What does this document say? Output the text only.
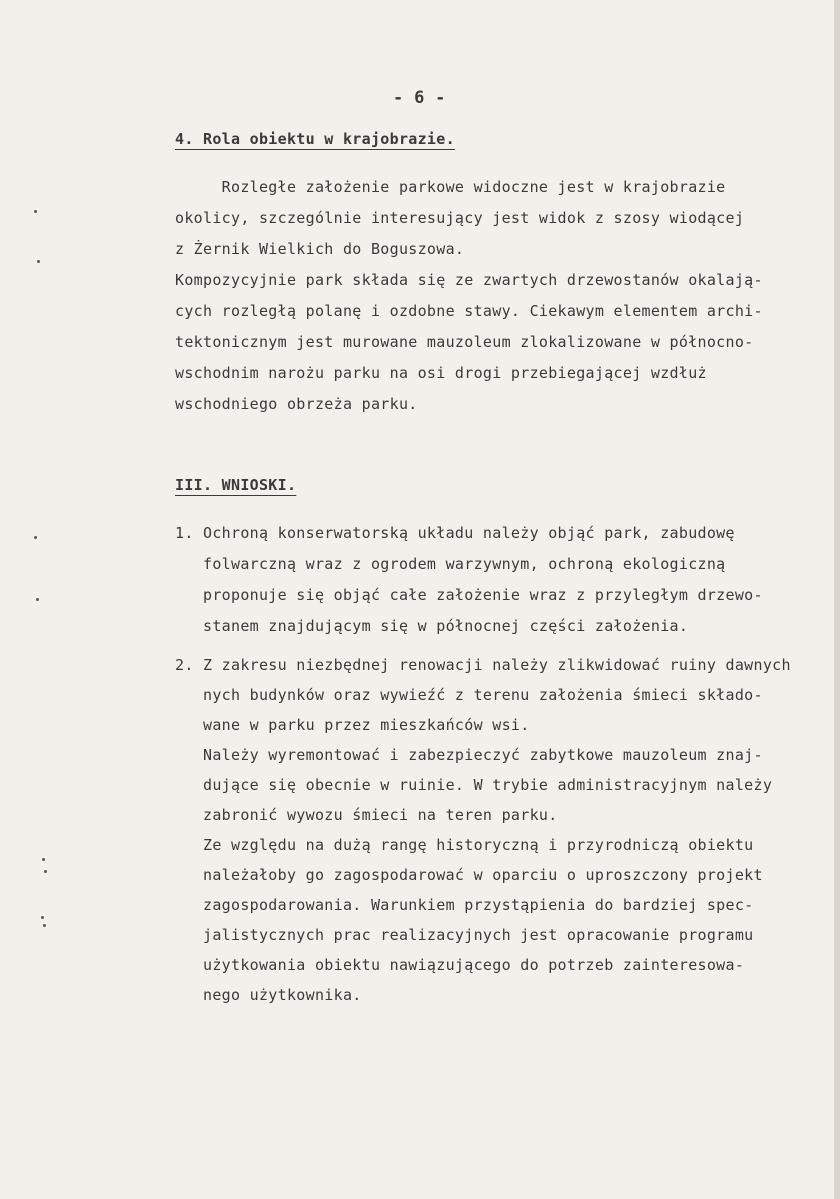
- 6 -
4. Rola obiektu w krajobrazie.
Rozległe założenie parkowe widoczne jest w krajobrazie
okolicy, szczególnie interesujący jest widok z szosy wiodącej
z Żernik Wielkich do Boguszowa.
Kompozycyjnie park składa się ze zwartych drzewostanów okalają-
cych rozległą polanę i ozdobne stawy. Ciekawym elementem archi-
tektonicznym jest murowane mauzoleum zlokalizowane w północno-
wschodnim narożu parku na osi drogi przebiegającej wzdłuż
wschodniego obrzeża parku.
III. WNIOSKI.
1. Ochroną konserwatorską układu należy objąć park, zabudowę
folwarczną wraz z ogrodem warzywnym, ochroną ekologiczną
proponuje się objąć całe założenie wraz z przyległym drzewo-
stanem znajdującym się w północnej części założenia.
2. Z zakresu niezbędnej renowacji należy zlikwidować ruiny dawnych
nych budynków oraz wywieźć z terenu założenia śmieci składo-
wane w parku przez mieszkańców wsi.
Należy wyremontować i zabezpieczyć zabytkowe mauzoleum znaj-
dujące się obecnie w ruinie. W trybie administracyjnym należy
zabronić wywozu śmieci na teren parku.
Ze względu na dużą rangę historyczną i przyrodniczą obiektu
należałoby go zagospodarować w oparciu o uproszczony projekt
zagospodarowania. Warunkiem przystąpienia do bardziej spec-
jalistycznych prac realizacyjnych jest opracowanie programu
użytkowania obiektu nawiązującego do potrzeb zainteresowa-
nego użytkownika.
